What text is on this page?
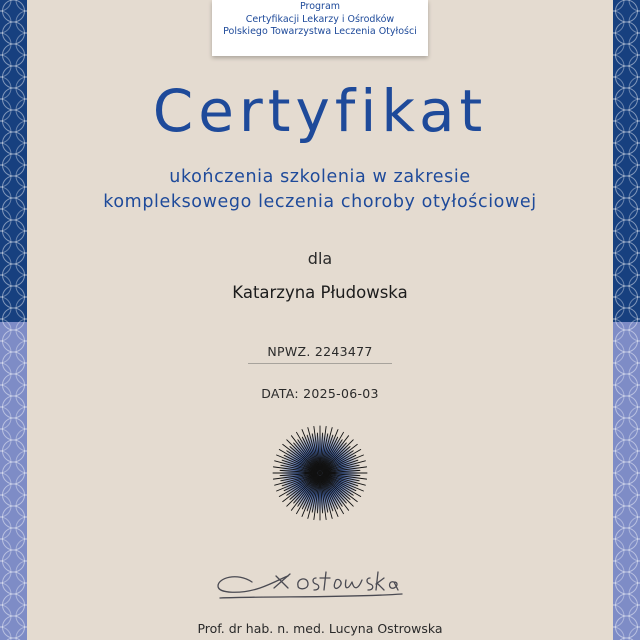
Program
Certyfikacji Lekarzy i Ośrodków
Polskiego Towarzystwa Leczenia Otyłości
Certyfikat
ukończenia szkolenia w zakresie
kompleksowego leczenia choroby otyłościowej
dla
Katarzyna Płudowska
NPWZ. 2243477
DATA: 2025-06-03
Prof. dr hab. n. med. Lucyna Ostrowska
